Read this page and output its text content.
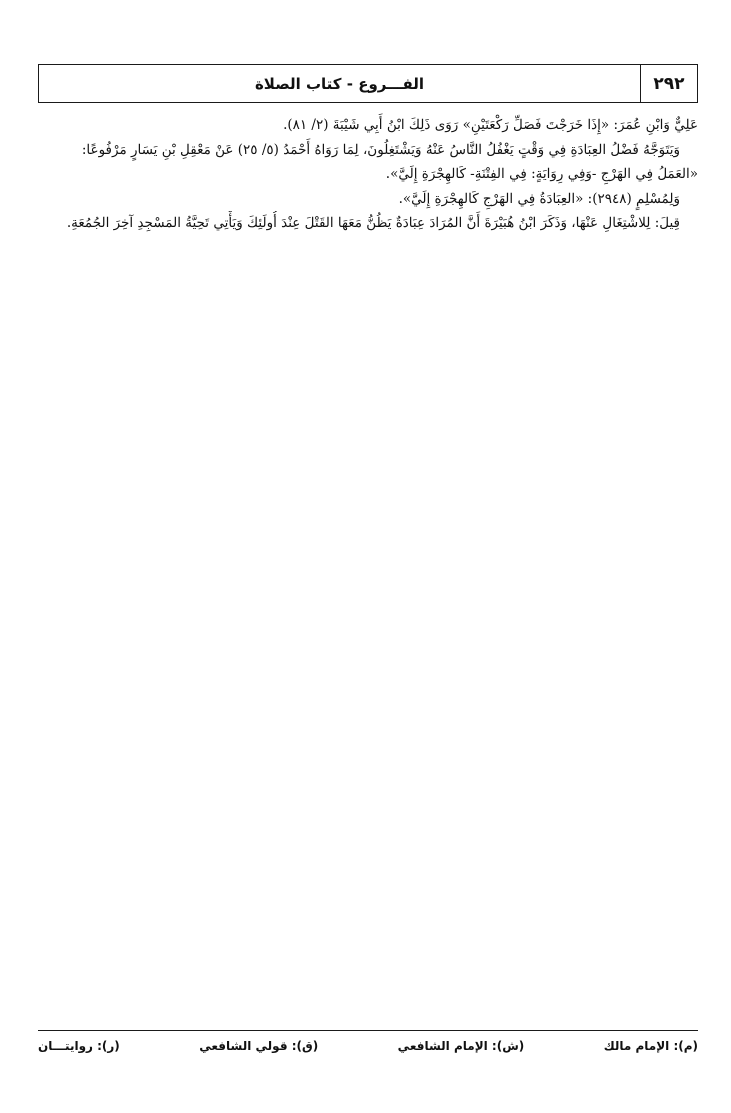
٢٩٢
الفـــروع - كتاب الصلاة

عَلِيٌّ وَابْنِ عُمَرَ: «إِذَا خَرَجْتَ فَصَلِّ رَكْعَتَيْنِ» رَوَى ذَلِكَ ابْنُ أَبِي شَيْبَةَ (٢/ ٨١).

وَيَتَوَجَّهُ فَضْلُ العِبَادَةِ فِي وَقْتٍ يَغْفُلُ النَّاسُ عَنْهُ وَيَشْتَغِلُونَ، لِمَا رَوَاهُ أَحْمَدُ (٥/ ٢٥) عَنْ مَعْقِلِ بْنِ يَسَارٍ مَرْفُوعًا:

«العَمَلُ فِي الهَرْجِ -وَفِي رِوَايَةٍ: فِي الفِتْنَةِ- كَالهِجْرَةِ إِلَيَّ».

وَلِمُسْلِمٍ (٢٩٤٨): «العِبَادَةُ فِي الهَرْجِ كَالهِجْرَةِ إِلَيَّ».

قِيلَ: لِلاشْتِغَالِ عَنْهَا، وَذَكَرَ ابْنُ هُبَيْرَةَ أَنَّ المُرَادَ عِبَادَةٌ يَظُنُّ مَعَهَا القَتْلَ عِنْدَ أُولَئِكَ وَيَأْتِي تَحِيَّةُ المَسْجِدِ آخِرَ الجُمُعَةِ.

(م): الإمام مالك
(ش): الإمام الشافعي
(ق): قولي الشافعي
(ر): روايتـــان
